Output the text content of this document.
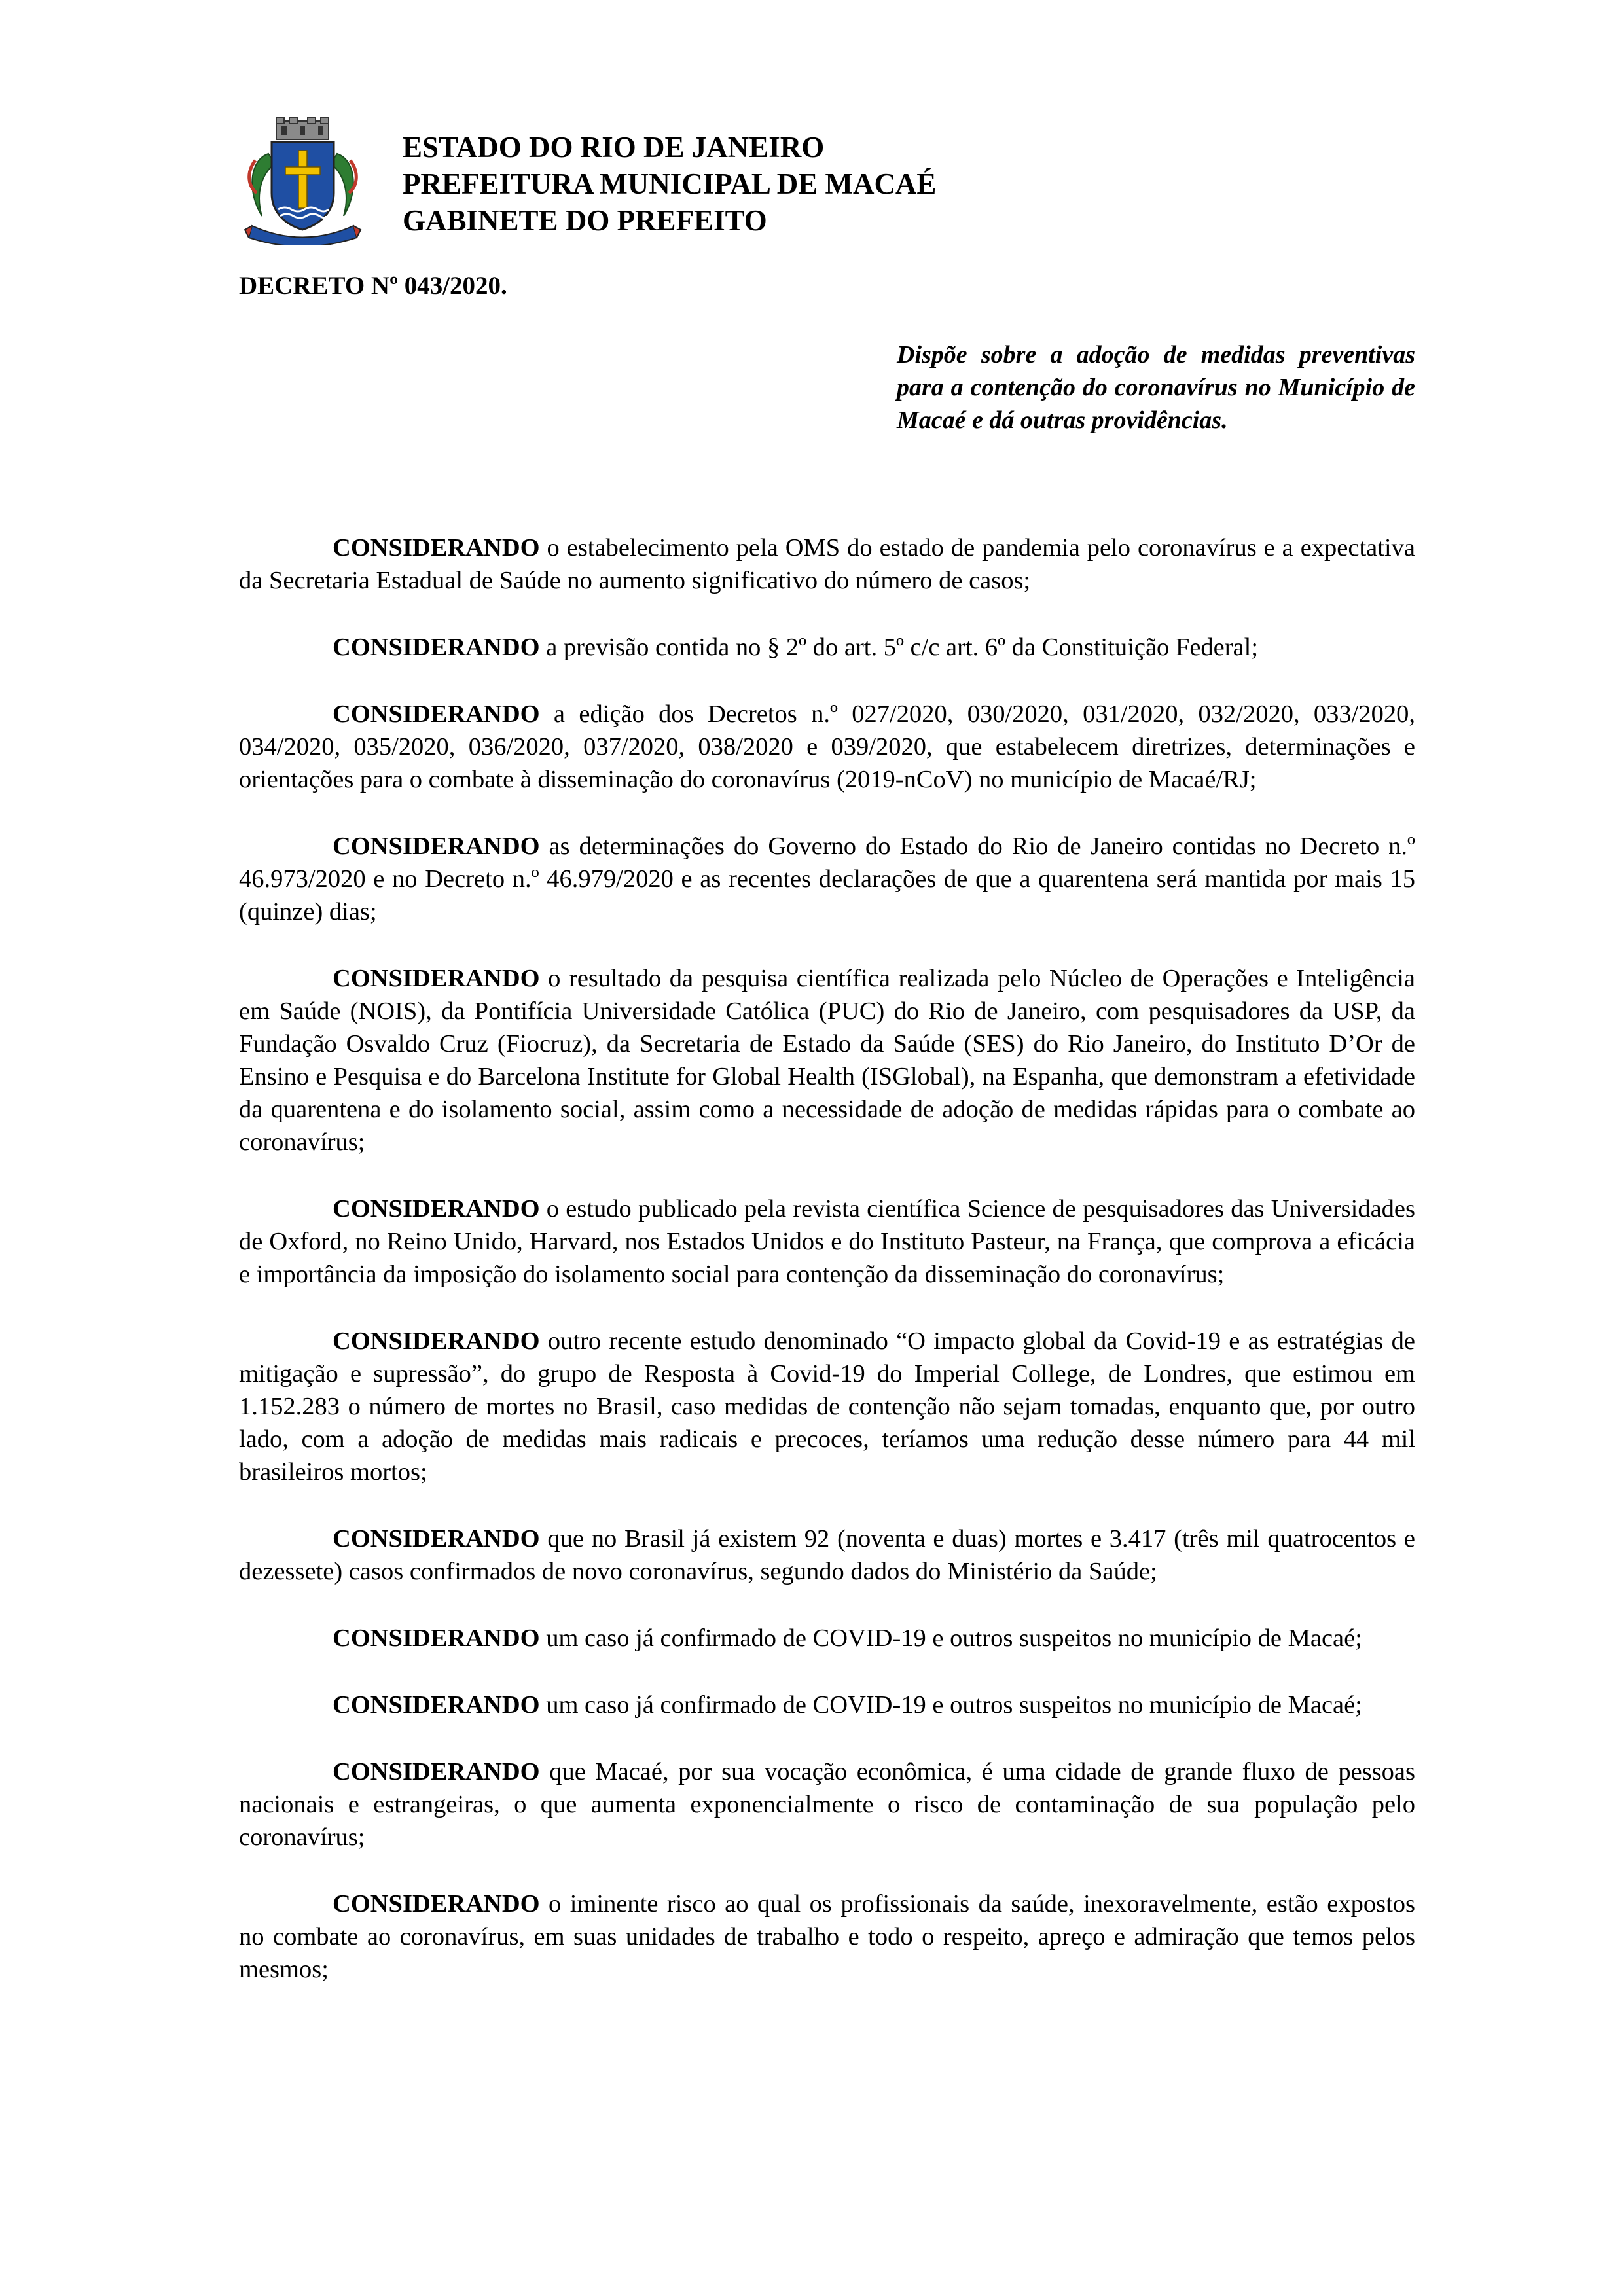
ESTADO DO RIO DE JANEIRO
PREFEITURA MUNICIPAL DE MACAÉ
GABINETE DO PREFEITO
DECRETO Nº 043/2020.
Dispõe sobre a adoção de medidas preventivas para a contenção do coronavírus no Município de Macaé e dá outras providências.

CONSIDERANDO o estabelecimento pela OMS do estado de pandemia pelo coronavírus e a expectativa da Secretaria Estadual de Saúde no aumento significativo do número de casos;

CONSIDERANDO a previsão contida no § 2º do art. 5º c/c art. 6º da Constituição Federal;

CONSIDERANDO a edição dos Decretos n.º 027/2020, 030/2020, 031/2020, 032/2020, 033/2020, 034/2020, 035/2020, 036/2020, 037/2020, 038/2020 e 039/2020, que estabelecem diretrizes, determinações e orientações para o combate à disseminação do coronavírus (2019-nCoV) no município de Macaé/RJ;

CONSIDERANDO as determinações do Governo do Estado do Rio de Janeiro contidas no Decreto n.º 46.973/2020 e no Decreto n.º 46.979/2020 e as recentes declarações de que a quarentena será mantida por mais 15 (quinze) dias;

CONSIDERANDO o resultado da pesquisa científica realizada pelo Núcleo de Operações e Inteligência em Saúde (NOIS), da Pontifícia Universidade Católica (PUC) do Rio de Janeiro, com pesquisadores da USP, da Fundação Osvaldo Cruz (Fiocruz), da Secretaria de Estado da Saúde (SES) do Rio Janeiro, do Instituto D’Or de Ensino e Pesquisa e do Barcelona Institute for Global Health (ISGlobal), na Espanha, que demonstram a efetividade da quarentena e do isolamento social, assim como a necessidade de adoção de medidas rápidas para o combate ao coronavírus;

CONSIDERANDO o estudo publicado pela revista científica Science de pesquisadores das Universidades de Oxford, no Reino Unido, Harvard, nos Estados Unidos e do Instituto Pasteur, na França, que comprova a eficácia e importância da imposição do isolamento social para contenção da disseminação do coronavírus;

CONSIDERANDO outro recente estudo denominado “O impacto global da Covid-19 e as estratégias de mitigação e supressão”, do grupo de Resposta à Covid-19 do Imperial College, de Londres, que estimou em 1.152.283 o número de mortes no Brasil, caso medidas de contenção não sejam tomadas, enquanto que, por outro lado, com a adoção de medidas mais radicais e precoces, teríamos uma redução desse número para 44 mil brasileiros mortos;

CONSIDERANDO que no Brasil já existem 92 (noventa e duas) mortes e 3.417 (três mil quatrocentos e dezessete) casos confirmados de novo coronavírus, segundo dados do Ministério da Saúde;

CONSIDERANDO um caso já confirmado de COVID-19 e outros suspeitos no município de Macaé;

CONSIDERANDO um caso já confirmado de COVID-19 e outros suspeitos no município de Macaé;

CONSIDERANDO que Macaé, por sua vocação econômica, é uma cidade de grande fluxo de pessoas nacionais e estrangeiras, o que aumenta exponencialmente o risco de contaminação de sua população pelo coronavírus;

CONSIDERANDO o iminente risco ao qual os profissionais da saúde, inexoravelmente, estão expostos no combate ao coronavírus, em suas unidades de trabalho e todo o respeito, apreço e admiração que temos pelos mesmos;
